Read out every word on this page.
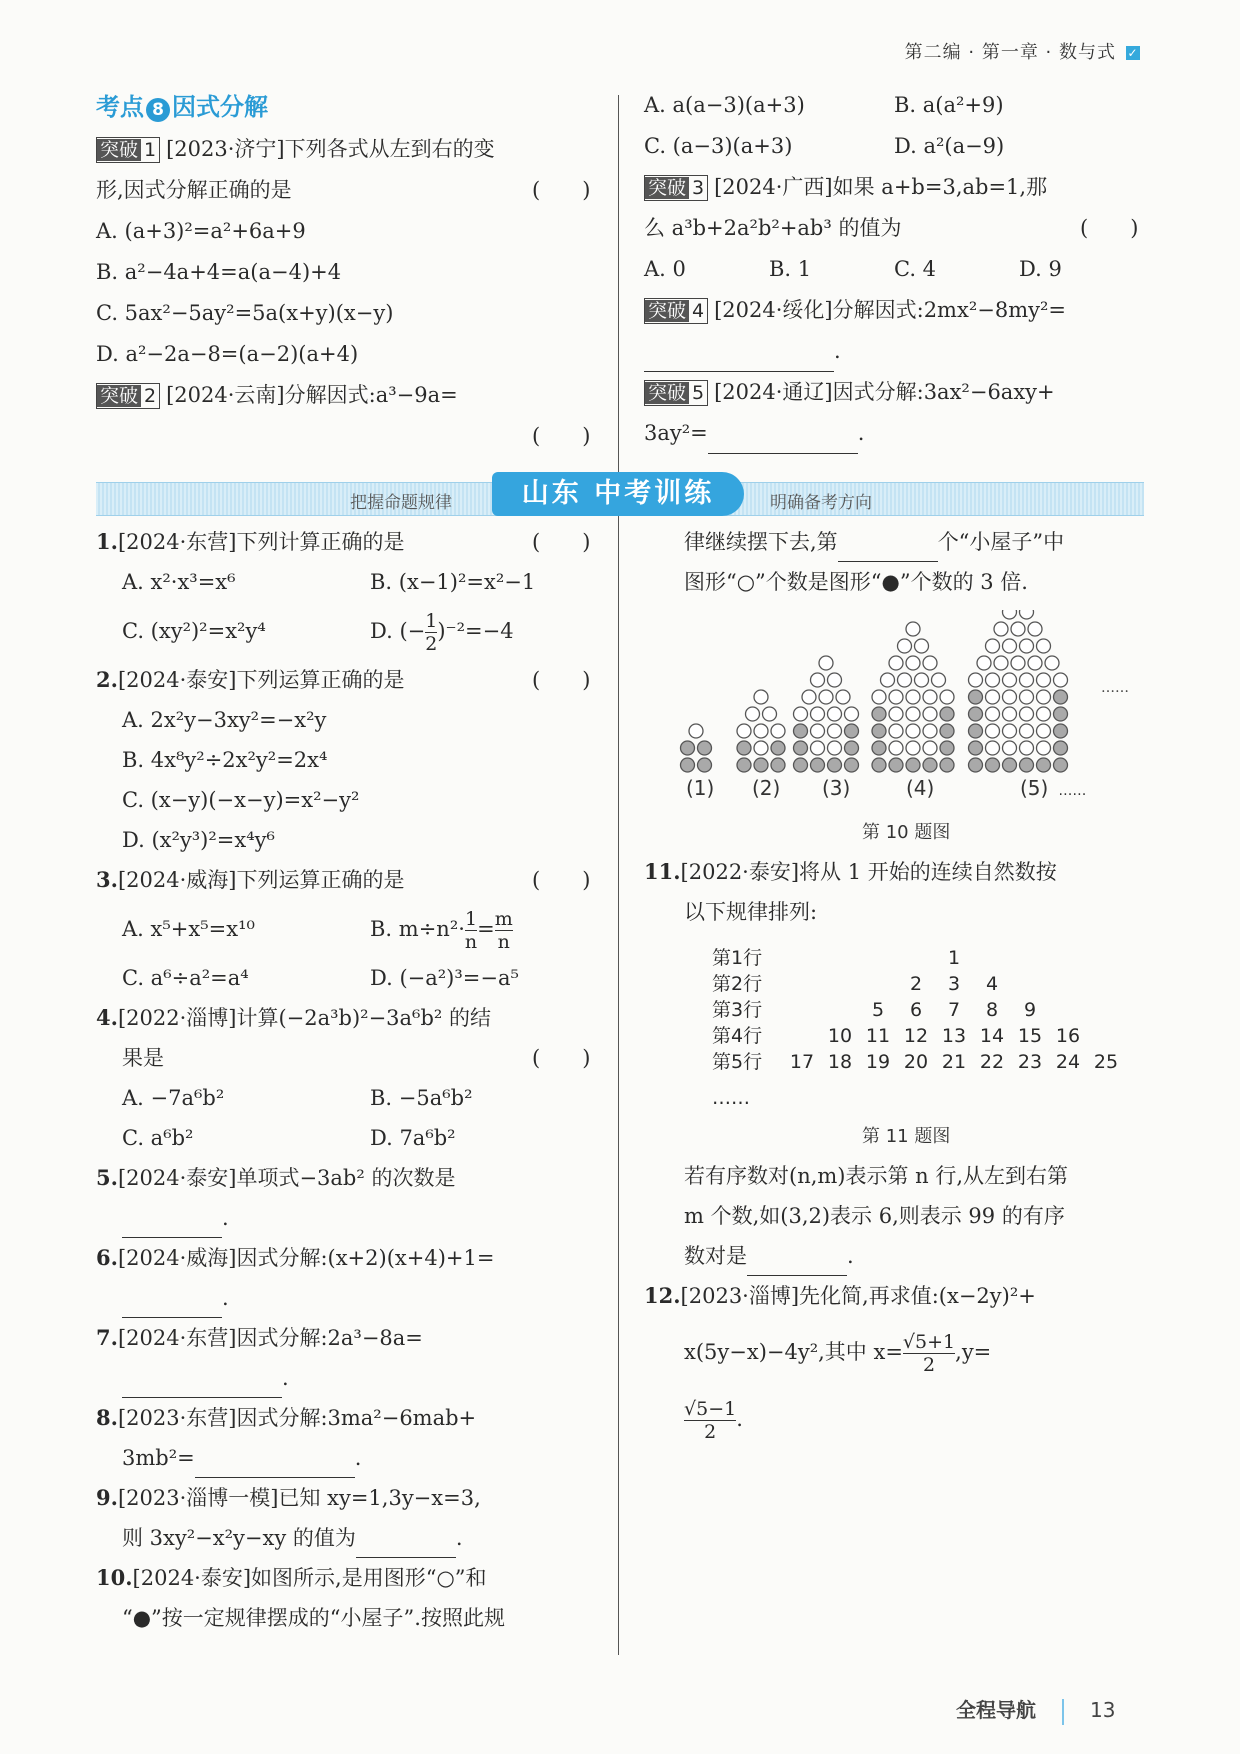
第二编 · 第一章 · 数与式 ✓

考点 8 因式分解

突破 1 [2023·济宁]下列各式从左到右的变

形,因式分解正确的是	(　　)

A. (a+3)²=a²+6a+9

B. a²−4a+4=a(a−4)+4

C. 5ax²−5ay²=5a(x+y)(x−y)

D. a²−2a−8=(a−2)(a+4)

突破 2 [2024·云南]分解因式:a³−9a=

(　　)

A. a(a−3)(a+3)	B. a(a²+9)

C. (a−3)(a+3)	D. a²(a−9)

突破 3 [2024·广西]如果 a+b=3,ab=1,那

么 a³b+2a²b²+ab³ 的值为	(　　)

A. 0	B. 1	C. 4	D. 9

突破 4 [2024·绥化]分解因式:2mx²−8my²=

.

突破 5 [2024·通辽]因式分解:3ax²−6axy+

3ay²=	.

把握命题规律	山东 中考训练	明确备考方向

1.[2024·东营]下列计算正确的是	(　　)

A. x²·x³=x⁶	B. (x−1)²=x²−1

C. (xy²)²=x²y⁴	D. (− $\frac{1}{2} )^{-2}=-4$

2.[2024·泰安]下列运算正确的是	(　　)

A. 2x²y−3xy²=−x²y

B. 4x⁸y²÷2x²y²=2x⁴

C. (x−y)(−x−y)=x²−y²

D. (x²y³)²=x⁴y⁶

3.[2024·威海]下列运算正确的是	(　　)

A. x⁵+x⁵=x¹⁰	B. $m\div n^2\cdot \frac{1}{n} = \frac{m}{n}$

C. a⁶÷a²=a⁴	D. (−a²)³=−a⁵

4.[2022·淄博]计算(−2a³b)²−3a⁶b² 的结

果是	(　　)

A. −7a⁶b²	B. −5a⁶b²

C. a⁶b²	D. 7a⁶b²

5.[2024·泰安]单项式−3ab² 的次数是

.

6.[2024·威海]因式分解:(x+2)(x+4)+1=

.

7.[2024·东营]因式分解:2a³−8a=

.

8.[2023·东营]因式分解:3ma²−6mab+

3mb²=	.

9.[2023·淄博一模]已知 xy=1,3y−x=3,

则 3xy²−x²y−xy 的值为	.

10.[2024·泰安]如图所示,是用图形“○”和

“●”按一定规律摆成的“小屋子”.按照此规

律继续摆下去,第	个“小屋子”中

图形“○”个数是图形“●”个数的 3 倍.

……
(1) (2) (3)	(4)	(5) ……
第 10 题图

11.[2022·泰安]将从 1 开始的连续自然数按

以下规律排列:

第1行	1
第2行	2	3	4
第3行	5	6	7	8	9
第4行	10 11 12 13 14 15 16
第5行	17 18 19 20 21 22 23 24 25
……
第 11 题图

若有序数对(n,m)表示第 n 行,从左到右第

m 个数,如(3,2)表示 6,则表示 99 的有序

数对是	.

12.[2023·淄博]先化简,再求值:(x−2y)²+

x(5y−x)−4y²,其中 $x= \frac{√5+1}{2} ,y=$

$\frac{√5-1}{2}$ .

全程导航	13
